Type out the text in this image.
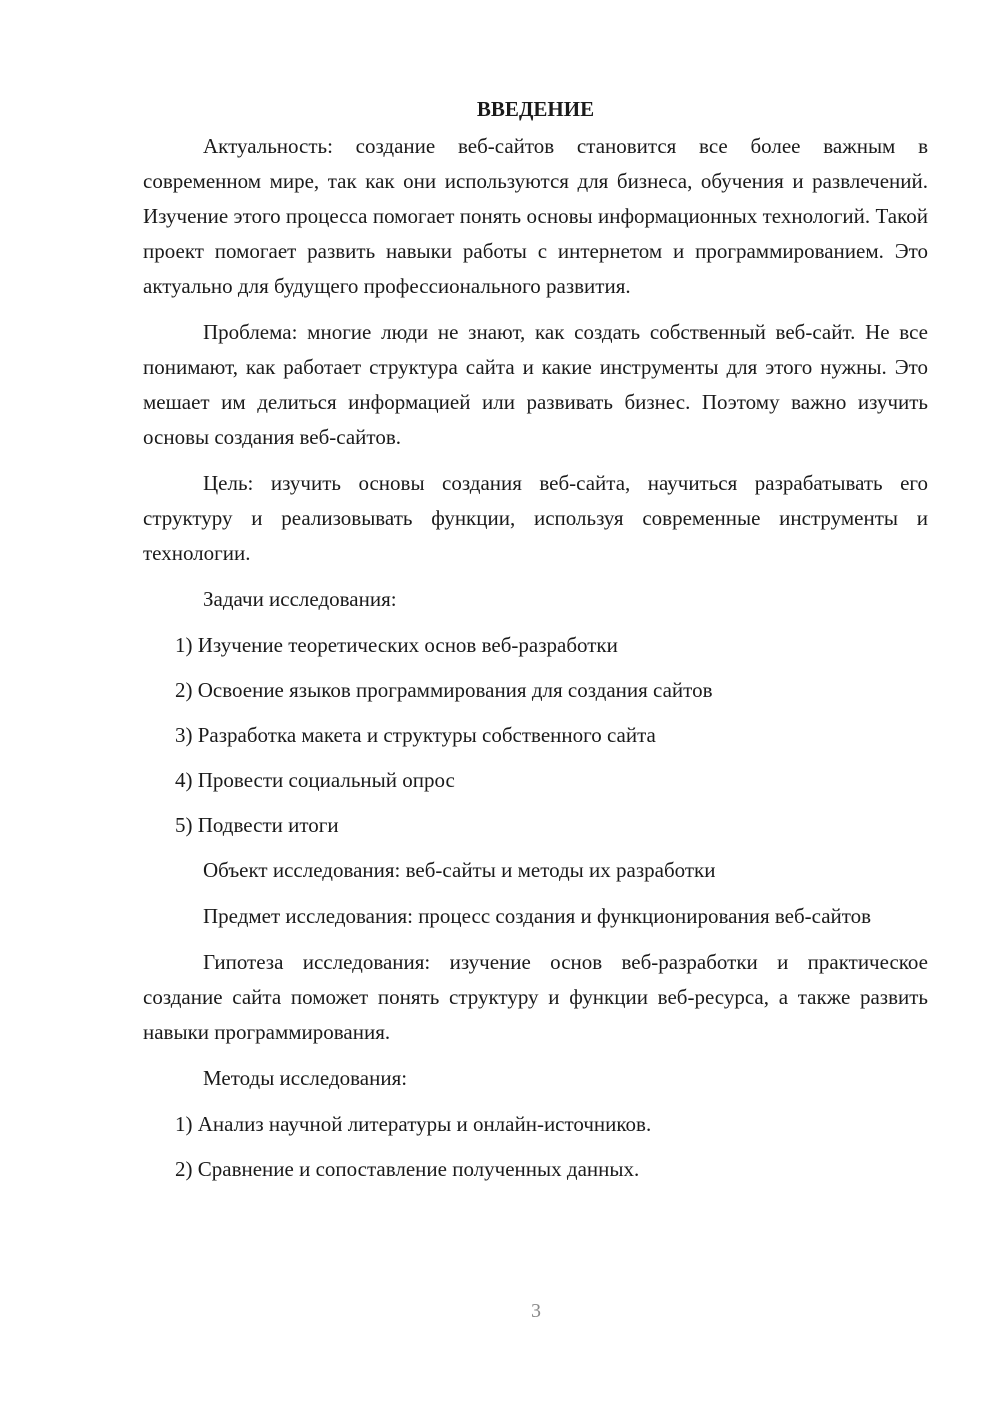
ВВЕДЕНИЕ

Актуальность: создание веб-сайтов становится все более важным в современном мире, так как они используются для бизнеса, обучения и развлечений. Изучение этого процесса помогает понять основы информационных технологий. Такой проект помогает развить навыки работы с интернетом и программированием. Это актуально для будущего профессионального развития.

Проблема: многие люди не знают, как создать собственный веб-сайт. Не все понимают, как работает структура сайта и какие инструменты для этого нужны. Это мешает им делиться информацией или развивать бизнес. Поэтому важно изучить основы создания веб-сайтов.

Цель: изучить основы создания веб-сайта, научиться разрабатывать его структуру и реализовывать функции, используя современные инструменты и технологии.

Задачи исследования:

1) Изучение теоретических основ веб-разработки

2) Освоение языков программирования для создания сайтов

3) Разработка макета и структуры собственного сайта

4) Провести социальный опрос

5) Подвести итоги

Объект исследования: веб-сайты и методы их разработки

Предмет исследования: процесс создания и функционирования веб-сайтов

Гипотеза исследования: изучение основ веб-разработки и практическое создание сайта поможет понять структуру и функции веб-ресурса, а также развить навыки программирования.

Методы исследования:

1) Анализ научной литературы и онлайн-источников.

2) Сравнение и сопоставление полученных данных.

3
